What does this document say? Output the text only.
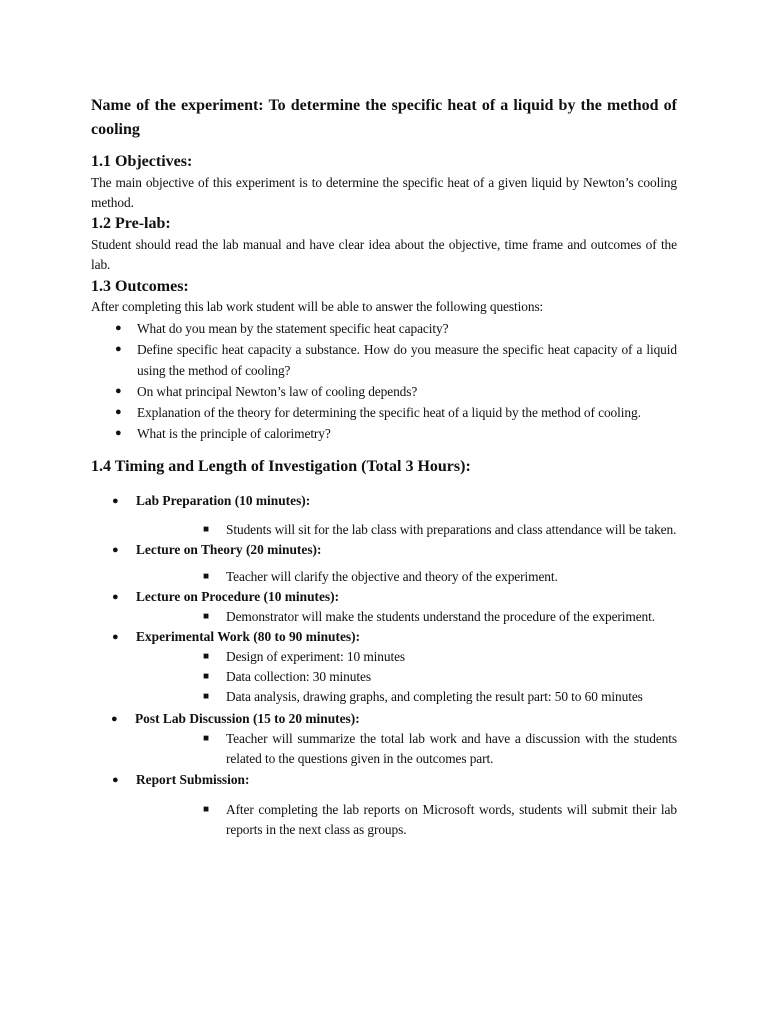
Name of the experiment: To determine the specific heat of a liquid by the method of cooling

1.1 Objectives:

The main objective of this experiment is to determine the specific heat of a given liquid by Newton’s cooling method.

1.2 Pre-lab:

Student should read the lab manual and have clear idea about the objective, time frame and outcomes of the lab.

1.3 Outcomes:

After completing this lab work student will be able to answer the following questions:

● What do you mean by the statement specific heat capacity?
● Define specific heat capacity a substance. How do you measure the specific heat capacity of a liquid using the method of cooling?
● On what principal Newton’s law of cooling depends?
● Explanation of the theory for determining the specific heat of a liquid by the method of cooling.
● What is the principle of calorimetry?
1.4 Timing and Length of Investigation (Total 3 Hours):
● Lab Preparation (10 minutes):
■ Students will sit for the lab class with preparations and class attendance will be taken.
● Lecture on Theory (20 minutes):
■ Teacher will clarify the objective and theory of the experiment.
● Lecture on Procedure (10 minutes):
■ Demonstrator will make the students understand the procedure of the experiment.
● Experimental Work (80 to 90 minutes):
■ Design of experiment: 10 minutes
■ Data collection: 30 minutes
■ Data analysis, drawing graphs, and completing the result part: 50 to 60 minutes
● Post Lab Discussion (15 to 20 minutes):
■ Teacher will summarize the total lab work and have a discussion with the students related to the questions given in the outcomes part.
● Report Submission:
■ After completing the lab reports on Microsoft words, students will submit their lab reports in the next class as groups.
